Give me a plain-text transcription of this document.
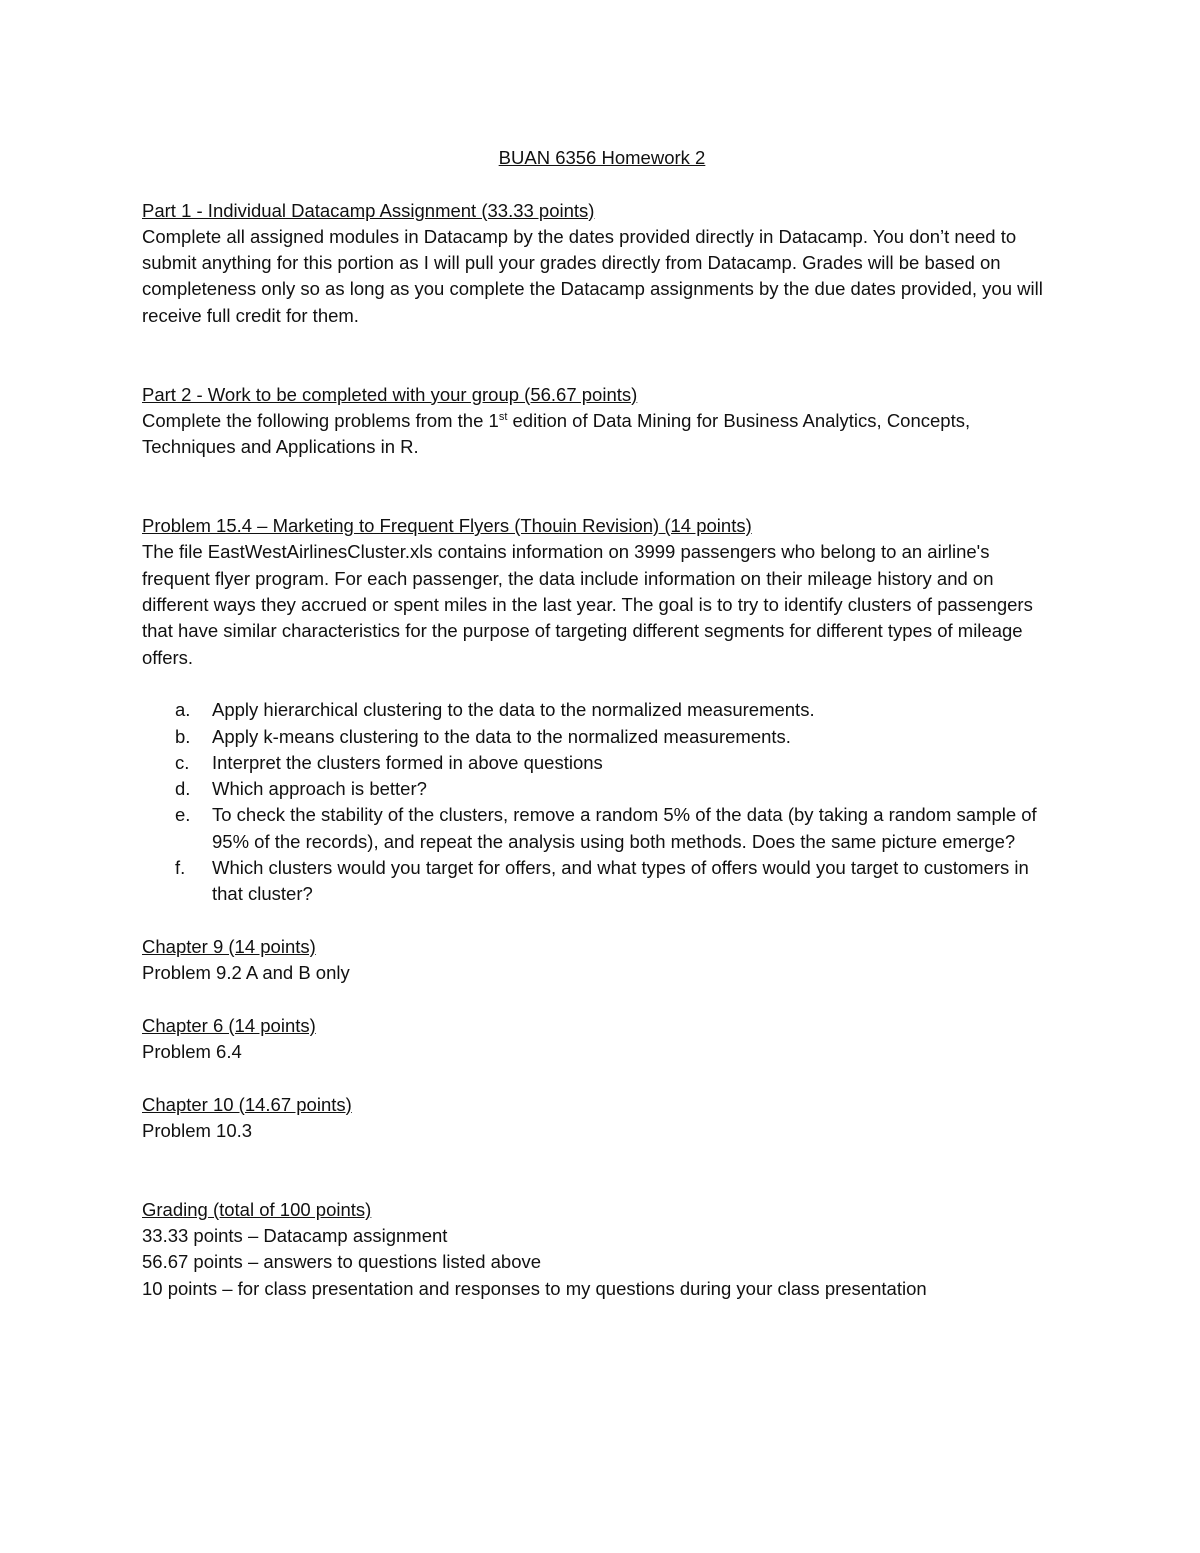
BUAN 6356 Homework 2

Part 1 - Individual Datacamp Assignment (33.33 points)

Complete all assigned modules in Datacamp by the dates provided directly in Datacamp. You don’t need to submit anything for this portion as I will pull your grades directly from Datacamp. Grades will be based on completeness only so as long as you complete the Datacamp assignments by the due dates provided, you will receive full credit for them.

Part 2 - Work to be completed with your group (56.67 points)

Complete the following problems from the 1st edition of Data Mining for Business Analytics, Concepts, Techniques and Applications in R.

Problem 15.4 – Marketing to Frequent Flyers (Thouin Revision) (14 points)

The file EastWestAirlinesCluster.xls contains information on 3999 passengers who belong to an airline's frequent flyer program. For each passenger, the data include information on their mileage history and on different ways they accrued or spent miles in the last year. The goal is to try to identify clusters of passengers that have similar characteristics for the purpose of targeting different segments for different types of mileage offers.

a. Apply hierarchical clustering to the data to the normalized measurements.
b. Apply k-means clustering to the data to the normalized measurements.
c. Interpret the clusters formed in above questions
d. Which approach is better?
e. To check the stability of the clusters, remove a random 5% of the data (by taking a random sample of 95% of the records), and repeat the analysis using both methods. Does the same picture emerge?
f. Which clusters would you target for offers, and what types of offers would you target to customers in that cluster?

Chapter 9 (14 points)

Problem 9.2 A and B only

Chapter 6 (14 points)

Problem 6.4

Chapter 10 (14.67 points)

Problem 10.3

Grading (total of 100 points)

33.33 points – Datacamp assignment

56.67 points – answers to questions listed above

10 points – for class presentation and responses to my questions during your class presentation
